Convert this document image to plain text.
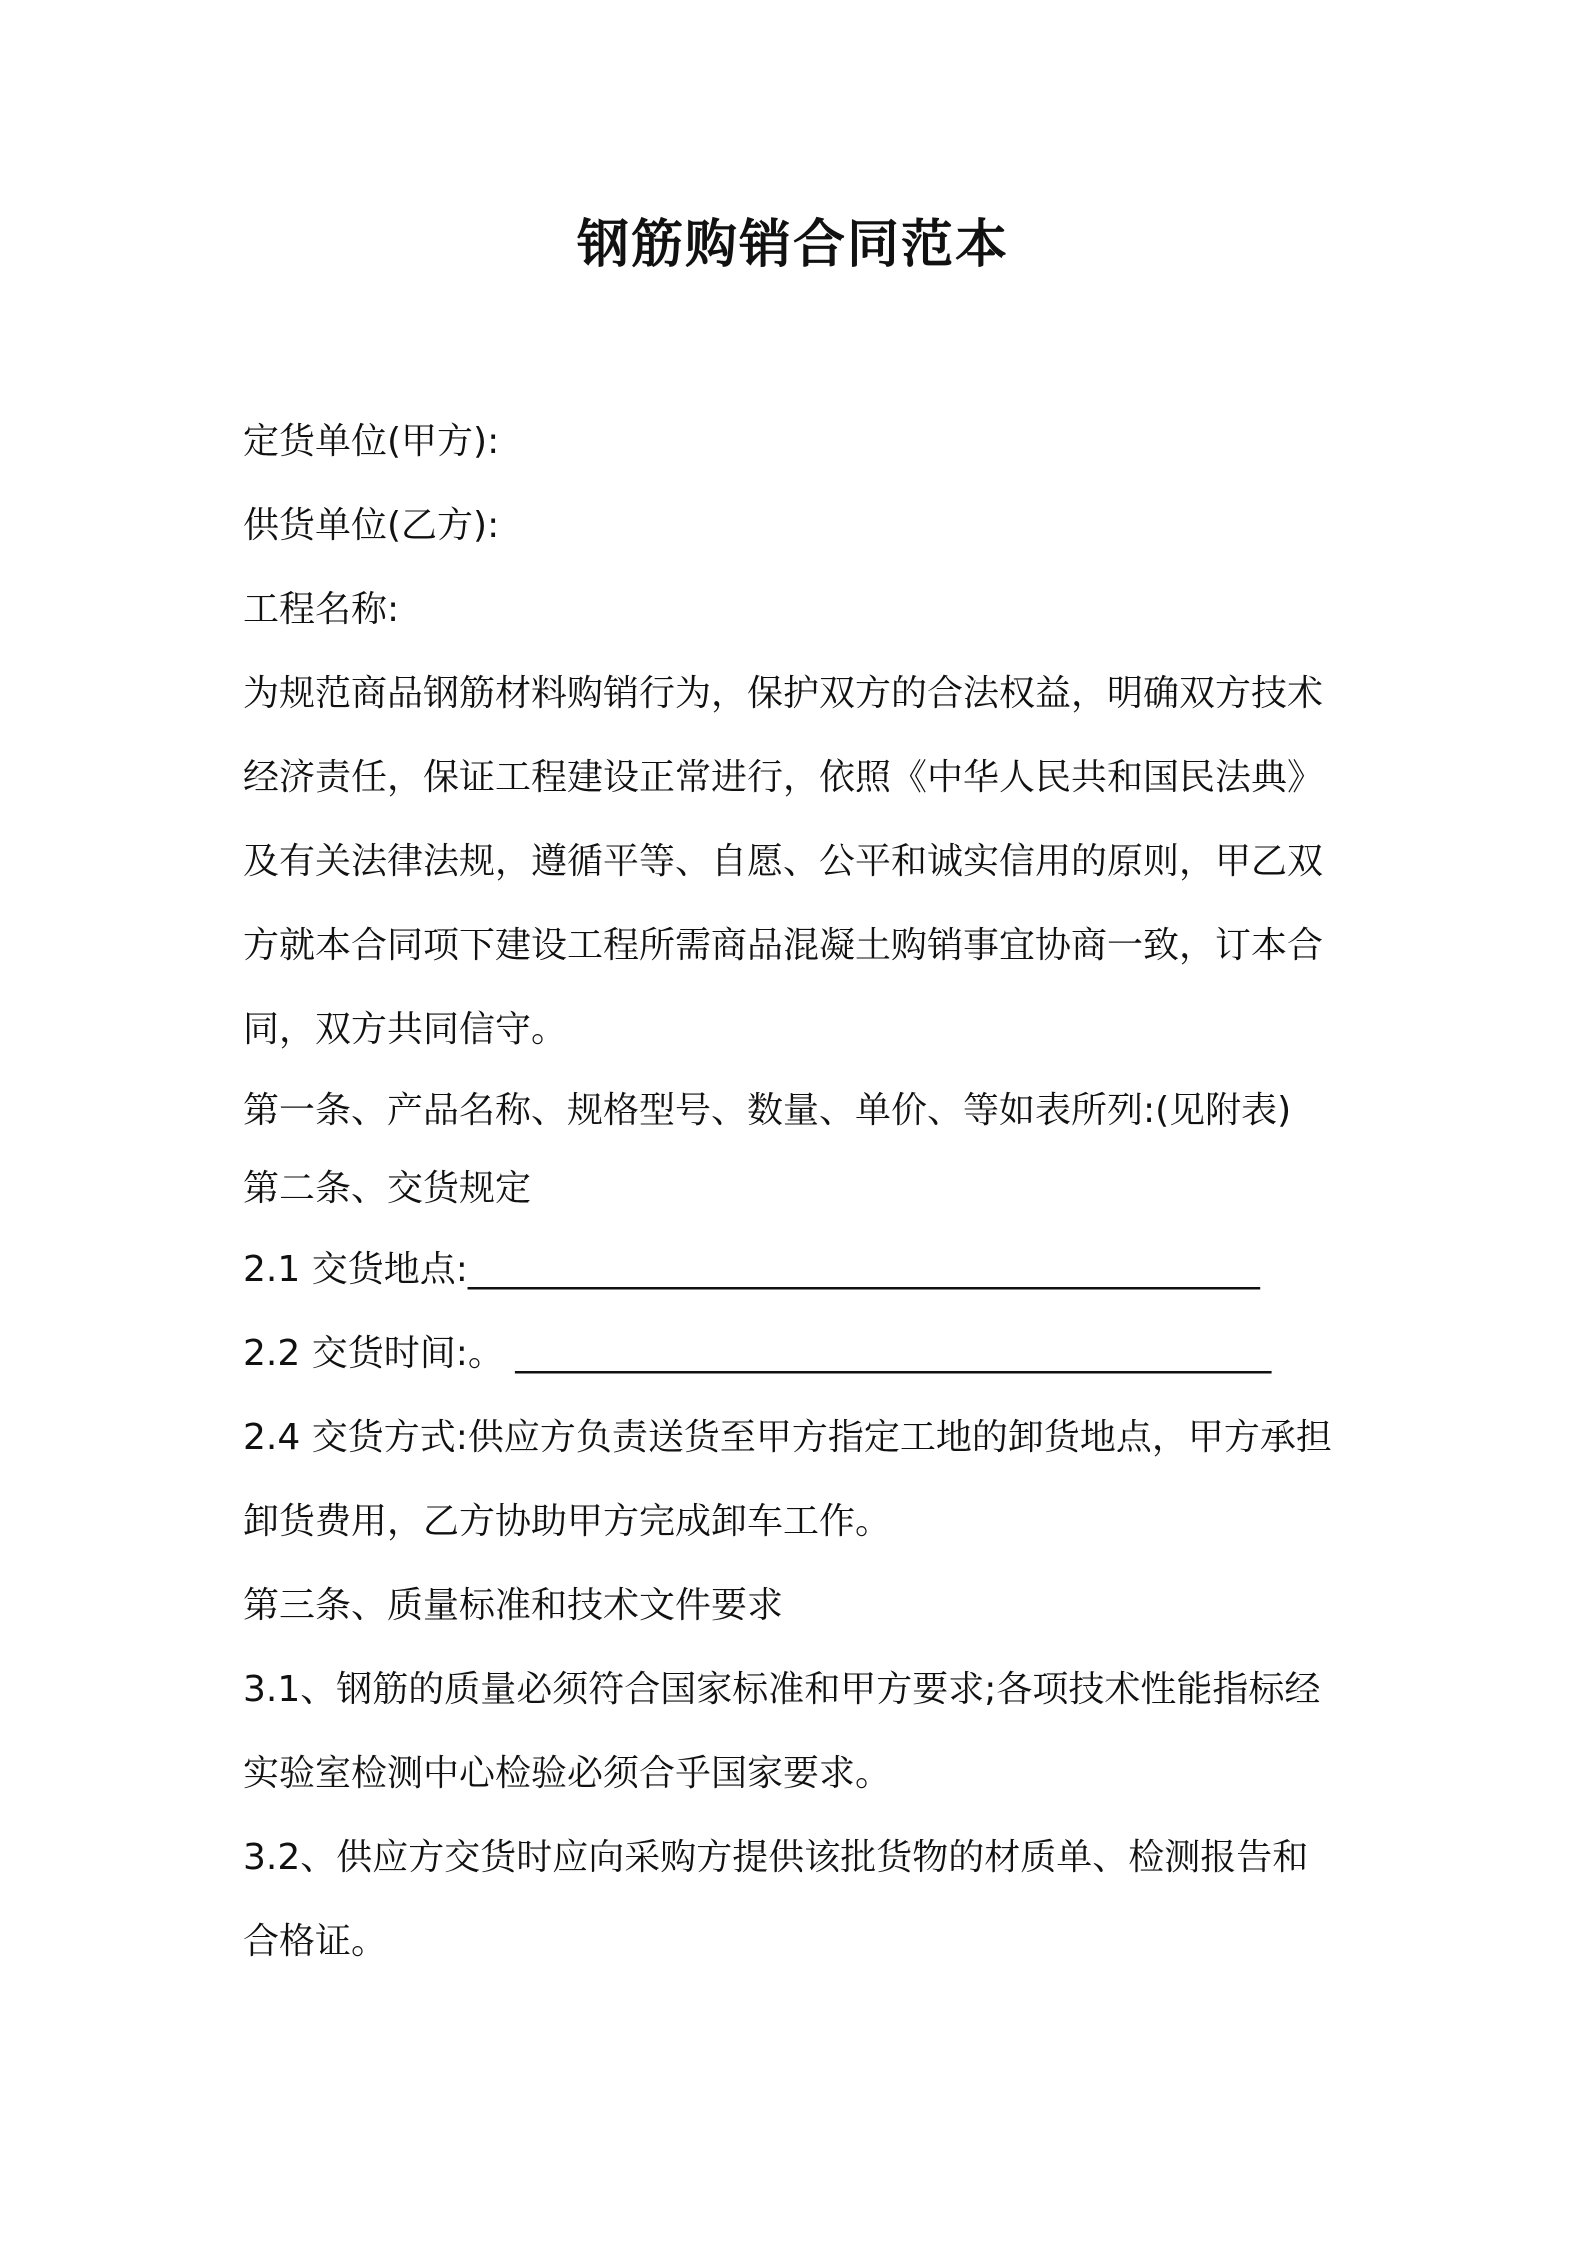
钢筋购销合同范本

定货单位(甲方):

供货单位(乙方):

工程名称:

为规范商品钢筋材料购销行为，保护双方的合法权益，明确双方技术

经济责任，保证工程建设正常进行，依照《中华人民共和国民法典》

及有关法律法规，遵循平等、自愿、公平和诚实信用的原则，甲乙双

方就本合同项下建设工程所需商品混凝土购销事宜协商一致，订本合

同，双方共同信守。

第一条、产品名称、规格型号、数量、单价、等如表所列:(见附表)

第二条、交货规定

2.1 交货地点:____________________________________________

2.2 交货时间:。 __________________________________________

2.4 交货方式:供应方负责送货至甲方指定工地的卸货地点，甲方承担

卸货费用，乙方协助甲方完成卸车工作。

第三条、质量标准和技术文件要求

3.1、钢筋的质量必须符合国家标准和甲方要求;各项技术性能指标经

实验室检测中心检验必须合乎国家要求。

3.2、供应方交货时应向采购方提供该批货物的材质单、检测报告和

合格证。
